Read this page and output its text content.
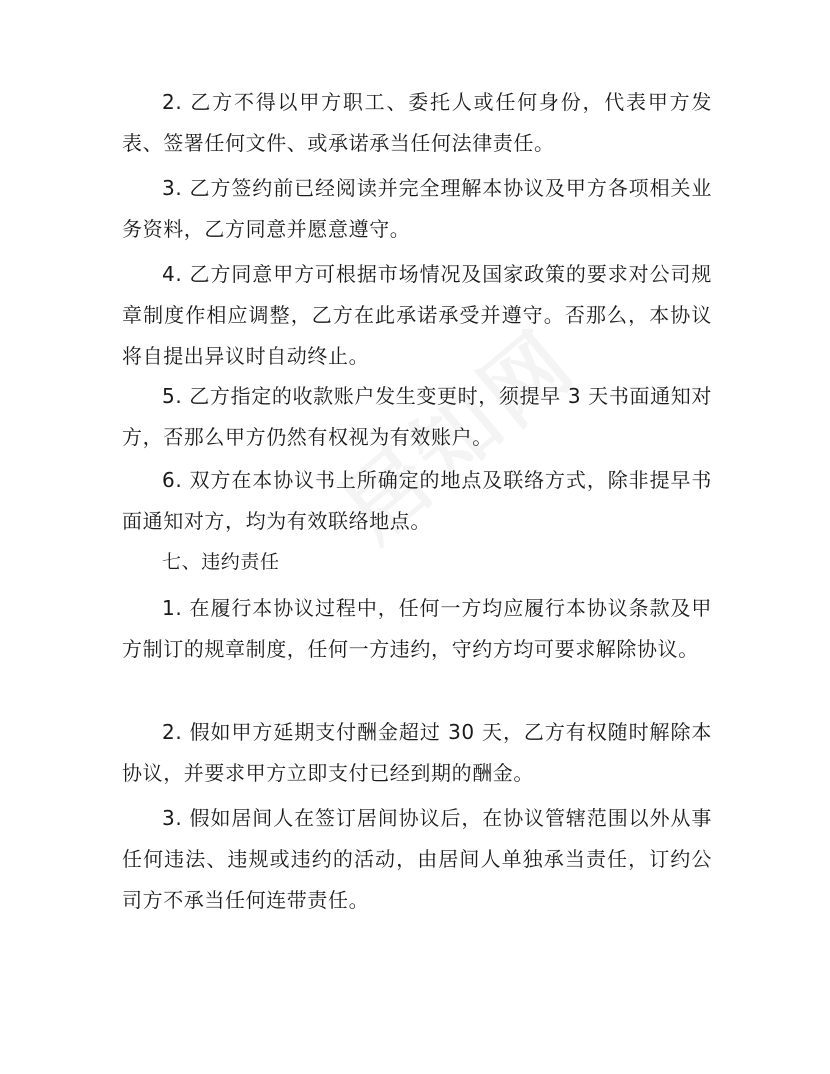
2. 乙方不得以甲方职工、委托人或任何身份，代表甲方发表、签署任何文件、或承诺承当任何法律责任。

3. 乙方签约前已经阅读并完全理解本协议及甲方各项相关业务资料，乙方同意并愿意遵守。

4. 乙方同意甲方可根据市场情况及国家政策的要求对公司规章制度作相应调整，乙方在此承诺承受并遵守。否那么，本协议将自提出异议时自动终止。

5. 乙方指定的收款账户发生变更时，须提早 3 天书面通知对方，否那么甲方仍然有权视为有效账户。

6. 双方在本协议书上所确定的地点及联络方式，除非提早书面通知对方，均为有效联络地点。

七、违约责任

1. 在履行本协议过程中，任何一方均应履行本协议条款及甲方制订的规章制度，任何一方违约，守约方均可要求解除协议。

2. 假如甲方延期支付酬金超过 30 天，乙方有权随时解除本协议，并要求甲方立即支付已经到期的酬金。

3. 假如居间人在签订居间协议后，在协议管辖范围以外从事任何违法、违规或违约的活动，由居间人单独承当责任，订约公司方不承当任何连带责任。
